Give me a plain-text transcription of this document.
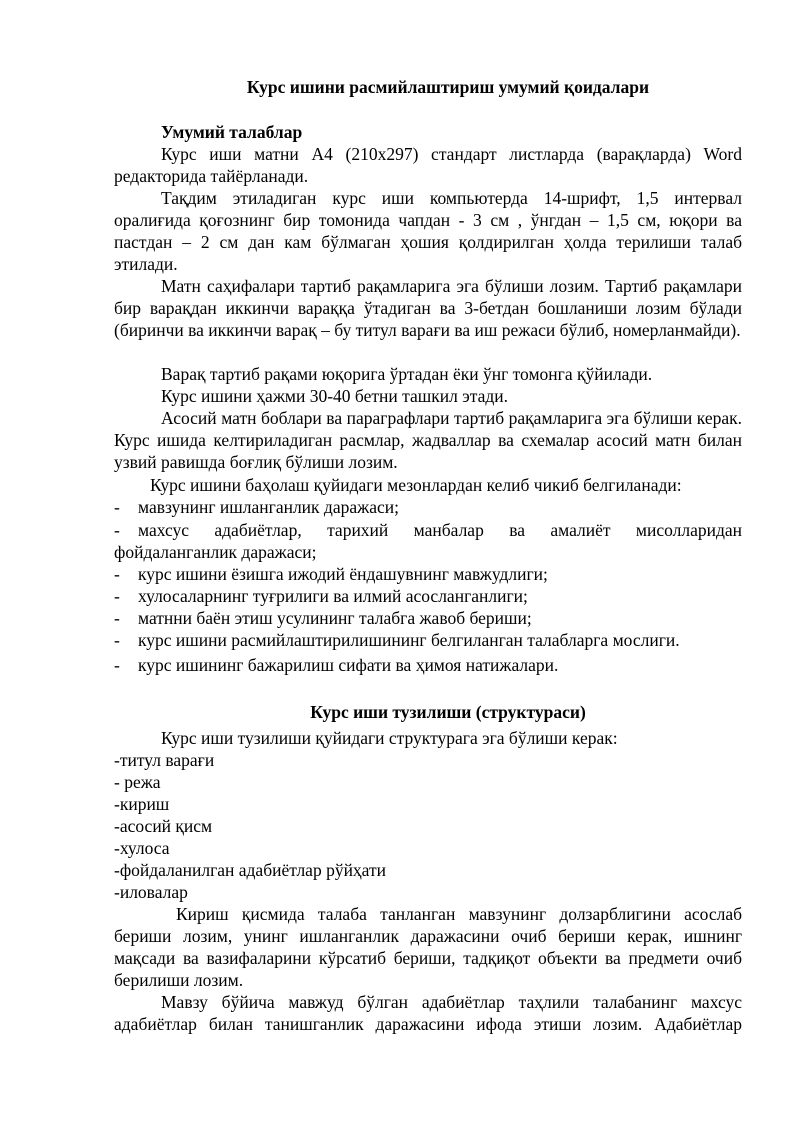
Курс ишини расмийлаштириш умумий қоидалари
Умумий талаблар
Курс иши матни А4 (210х297) стандарт листларда (варақларда) Word редакторида тайёрланади.
Тақдим этиладиган курс иши компьютерда 14-шрифт, 1,5 интервал оралиғида қоғознинг бир томонида чапдан - 3 см , ўнгдан – 1,5 см, юқори ва пастдан – 2 см дан кам бўлмаган ҳошия қолдирилган ҳолда терилиши талаб этилади.
Матн саҳифалари тартиб рақамларига эга бўлиши лозим. Тартиб рақамлари бир варақдан иккинчи вараққа ўтадиган ва 3-бетдан бошланиши лозим бўлади (биринчи ва иккинчи варақ – бу титул варағи ва иш режаси бўлиб, номерланмайди).
Варақ тартиб рақами юқорига ўртадан ёки ўнг томонга қўйилади.
Курс ишини ҳажми 30-40 бетни ташкил этади.
Асосий матн боблари ва параграфлари тартиб рақамларига эга бўлиши керак. Курс ишида келтириладиган расмлар, жадваллар ва схемалар асосий матн билан узвий равишда боғлиқ бўлиши лозим.
Курс ишини баҳолаш қуйидаги мезонлардан келиб чикиб белгиланади:
- мавзунинг ишланганлик даражаси;
- махсус адабиётлар, тарихий манбалар ва амалиёт мисолларидан фойдаланганлик даражаси;
- курс ишини ёзишга ижодий ёндашувнинг мавжудлиги;
- хулосаларнинг туғрилиги ва илмий асосланганлиги;
- матнни баён этиш усулининг талабга жавоб бериши;
- курс ишини расмийлаштирилишининг белгиланган талабларга мослиги.
- курс ишининг бажарилиш сифати ва ҳимоя натижалари.
Курс иши тузилиши (структураси)
Курс иши тузилиши қуйидаги структурага эга бўлиши керак:
-титул варағи
- режа
-кириш
-асосий қисм
-хулоса
-фойдаланилган адабиётлар рўйҳати
-иловалар
Кириш қисмида талаба танланган мавзунинг долзарблигини асослаб бериши лозим, унинг ишланганлик даражасини очиб бериши керак, ишнинг мақсади ва вазифаларини кўрсатиб бериши, тадқиқот объекти ва предмети очиб берилиши лозим.
Мавзу бўйича мавжуд бўлган адабиётлар таҳлили талабанинг махсус адабиётлар билан танишганлик даражасини ифода этиши лозим. Адабиётлар
